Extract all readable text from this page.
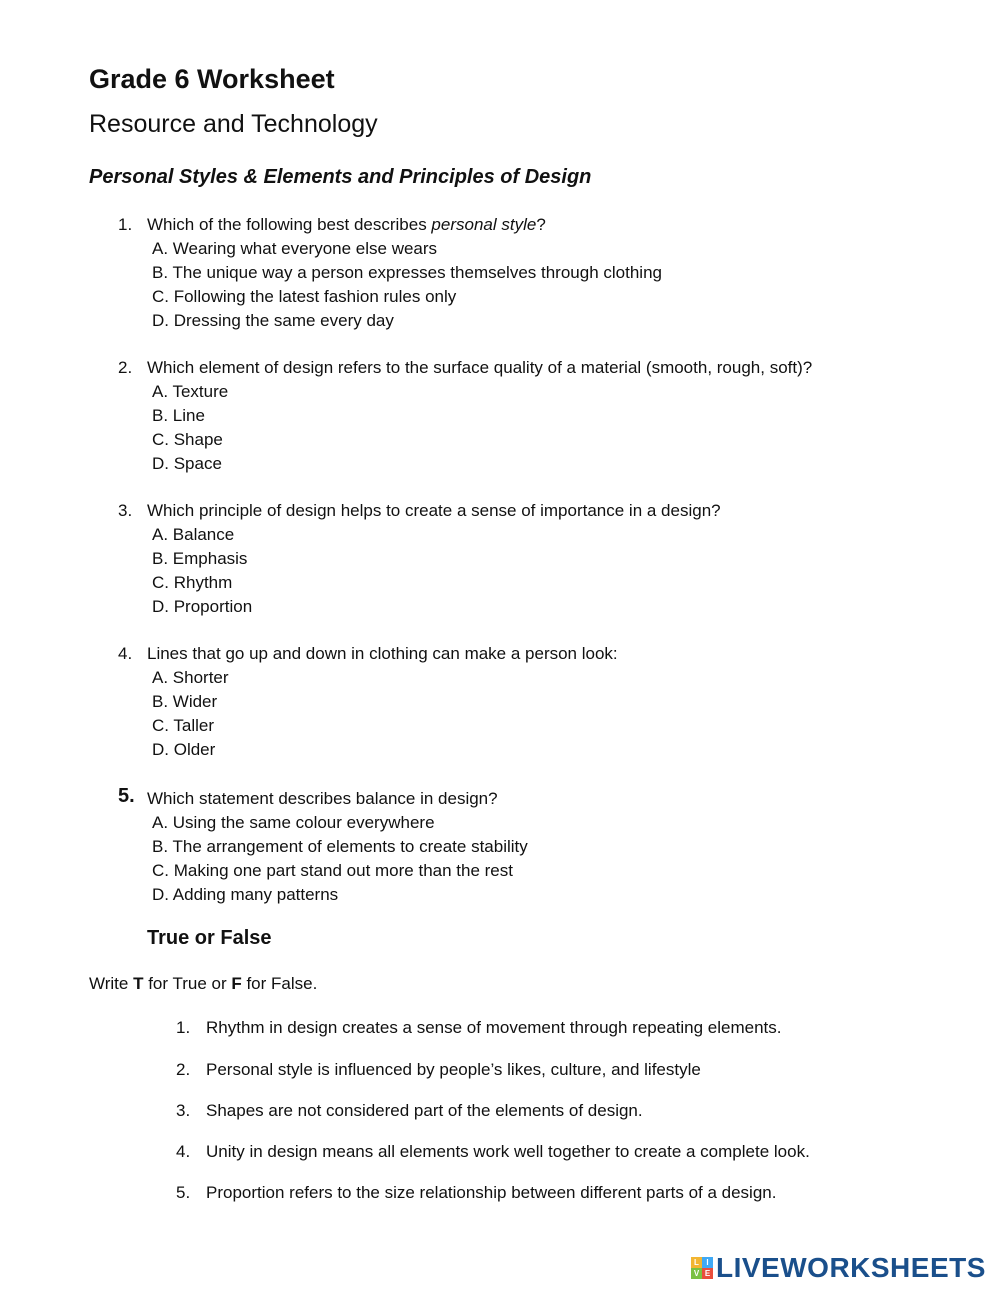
Grade 6 Worksheet
Resource and Technology
Personal Styles & Elements and Principles of Design
1. Which of the following best describes personal style?
A. Wearing what everyone else wears
B. The unique way a person expresses themselves through clothing
C. Following the latest fashion rules only
D. Dressing the same every day
2. Which element of design refers to the surface quality of a material (smooth, rough, soft)?
A. Texture
B. Line
C. Shape
D. Space
3. Which principle of design helps to create a sense of importance in a design?
A. Balance
B. Emphasis
C. Rhythm
D. Proportion
4. Lines that go up and down in clothing can make a person look:
A. Shorter
B. Wider
C. Taller
D. Older
5. Which statement describes balance in design?
A. Using the same colour everywhere
B. The arrangement of elements to create stability
C. Making one part stand out more than the rest
D. Adding many patterns
True or False
Write T for True or F for False.
1. Rhythm in design creates a sense of movement through repeating elements.
2. Personal style is influenced by people’s likes, culture, and lifestyle
3. Shapes are not considered part of the elements of design.
4. Unity in design means all elements work well together to create a complete look.
5. Proportion refers to the size relationship between different parts of a design.
L I
V E LIVEWORKSHEETS
